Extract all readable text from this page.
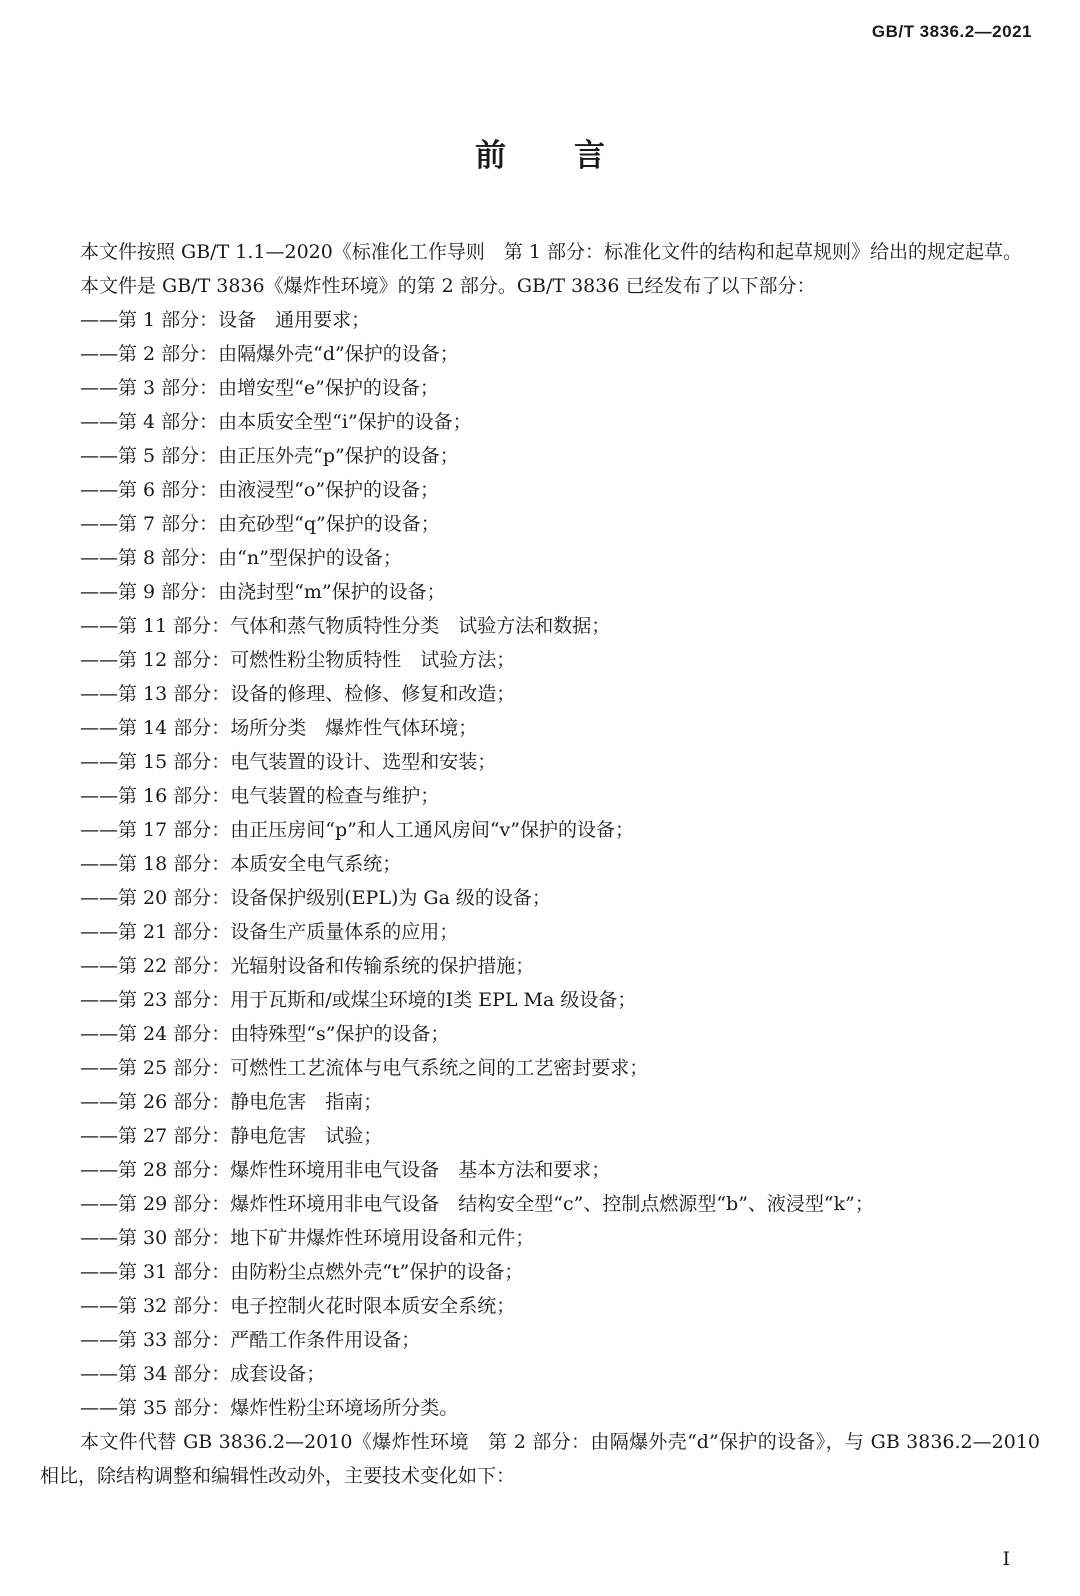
GB/T 3836.2—2021
前言

本文件按照 GB/T 1.1—2020《标准化工作导则　第 1 部分：标准化文件的结构和起草规则》给出的规定起草。

本文件是 GB/T 3836《爆炸性环境》的第 2 部分。GB/T 3836 已经发布了以下部分：

——第 1 部分：设备　通用要求；
——第 2 部分：由隔爆外壳“d”保护的设备；
——第 3 部分：由增安型“e”保护的设备；
——第 4 部分：由本质安全型“i”保护的设备；
——第 5 部分：由正压外壳“p”保护的设备；
——第 6 部分：由液浸型“o”保护的设备；
——第 7 部分：由充砂型“q”保护的设备；
——第 8 部分：由“n”型保护的设备；
——第 9 部分：由浇封型“m”保护的设备；
——第 11 部分：气体和蒸气物质特性分类　试验方法和数据；
——第 12 部分：可燃性粉尘物质特性　试验方法；
——第 13 部分：设备的修理、检修、修复和改造；
——第 14 部分：场所分类　爆炸性气体环境；
——第 15 部分：电气装置的设计、选型和安装；
——第 16 部分：电气装置的检查与维护；
——第 17 部分：由正压房间“p”和人工通风房间“v”保护的设备；
——第 18 部分：本质安全电气系统；
——第 20 部分：设备保护级别(EPL)为 Ga 级的设备；
——第 21 部分：设备生产质量体系的应用；
——第 22 部分：光辐射设备和传输系统的保护措施；
——第 23 部分：用于瓦斯和/或煤尘环境的Ⅰ类 EPL Ma 级设备；
——第 24 部分：由特殊型“s”保护的设备；
——第 25 部分：可燃性工艺流体与电气系统之间的工艺密封要求；
——第 26 部分：静电危害　指南；
——第 27 部分：静电危害　试验；
——第 28 部分：爆炸性环境用非电气设备　基本方法和要求；
——第 29 部分：爆炸性环境用非电气设备　结构安全型“c”、控制点燃源型“b”、液浸型“k”；
——第 30 部分：地下矿井爆炸性环境用设备和元件；
——第 31 部分：由防粉尘点燃外壳“t”保护的设备；
——第 32 部分：电子控制火花时限本质安全系统；
——第 33 部分：严酷工作条件用设备；
——第 34 部分：成套设备；
——第 35 部分：爆炸性粉尘环境场所分类。

本文件代替 GB 3836.2—2010《爆炸性环境　第 2 部分：由隔爆外壳“d”保护的设备》，与 GB 3836.2—2010 相比，除结构调整和编辑性改动外，主要技术变化如下：

Ⅰ
